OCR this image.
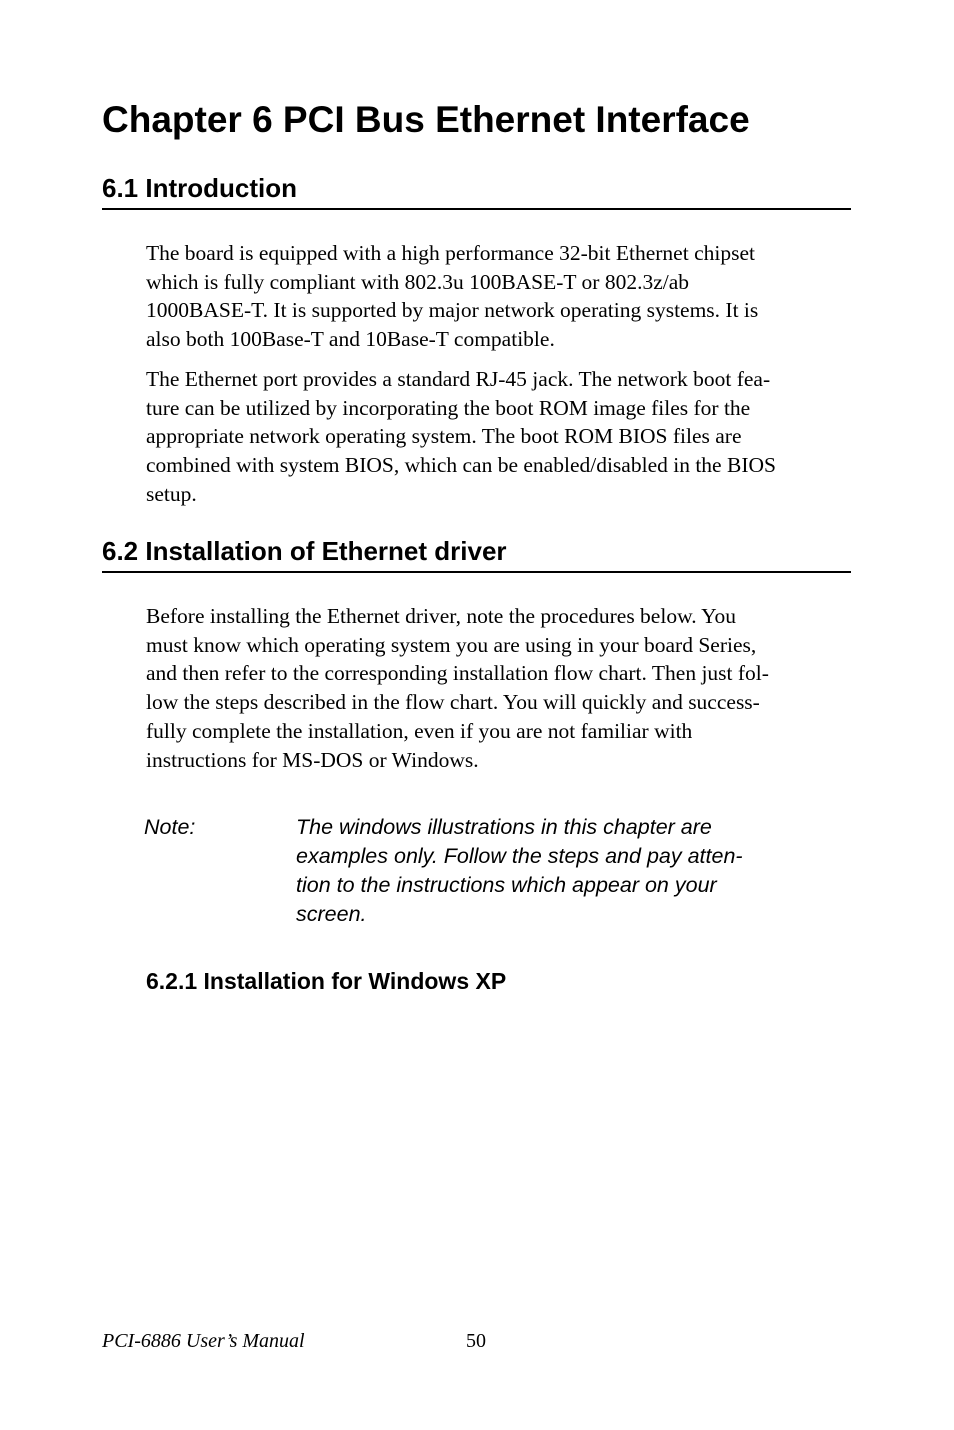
Chapter 6 PCI Bus Ethernet Interface
6.1 Introduction

The board is equipped with a high performance 32-bit Ethernet chipset
which is fully compliant with 802.3u 100BASE-T or 802.3z/ab
1000BASE-T. It is supported by major network operating systems. It is
also both 100Base-T and 10Base-T compatible.

The Ethernet port provides a standard RJ-45 jack. The network boot fea-
ture can be utilized by incorporating the boot ROM image files for the
appropriate network operating system. The boot ROM BIOS files are
combined with system BIOS, which can be enabled/disabled in the BIOS
setup.

6.2 Installation of Ethernet driver

Before installing the Ethernet driver, note the procedures below. You
must know which operating system you are using in your board Series,
and then refer to the corresponding installation flow chart. Then just fol-
low the steps described in the flow chart. You will quickly and success-
fully complete the installation, even if you are not familiar with
instructions for MS-DOS or Windows.

Note:	The windows illustrations in this chapter are
examples only. Follow the steps and pay atten-
tion to the instructions which appear on your
screen.
6.2.1 Installation for Windows XP
PCI-6886 User’s Manual	50
